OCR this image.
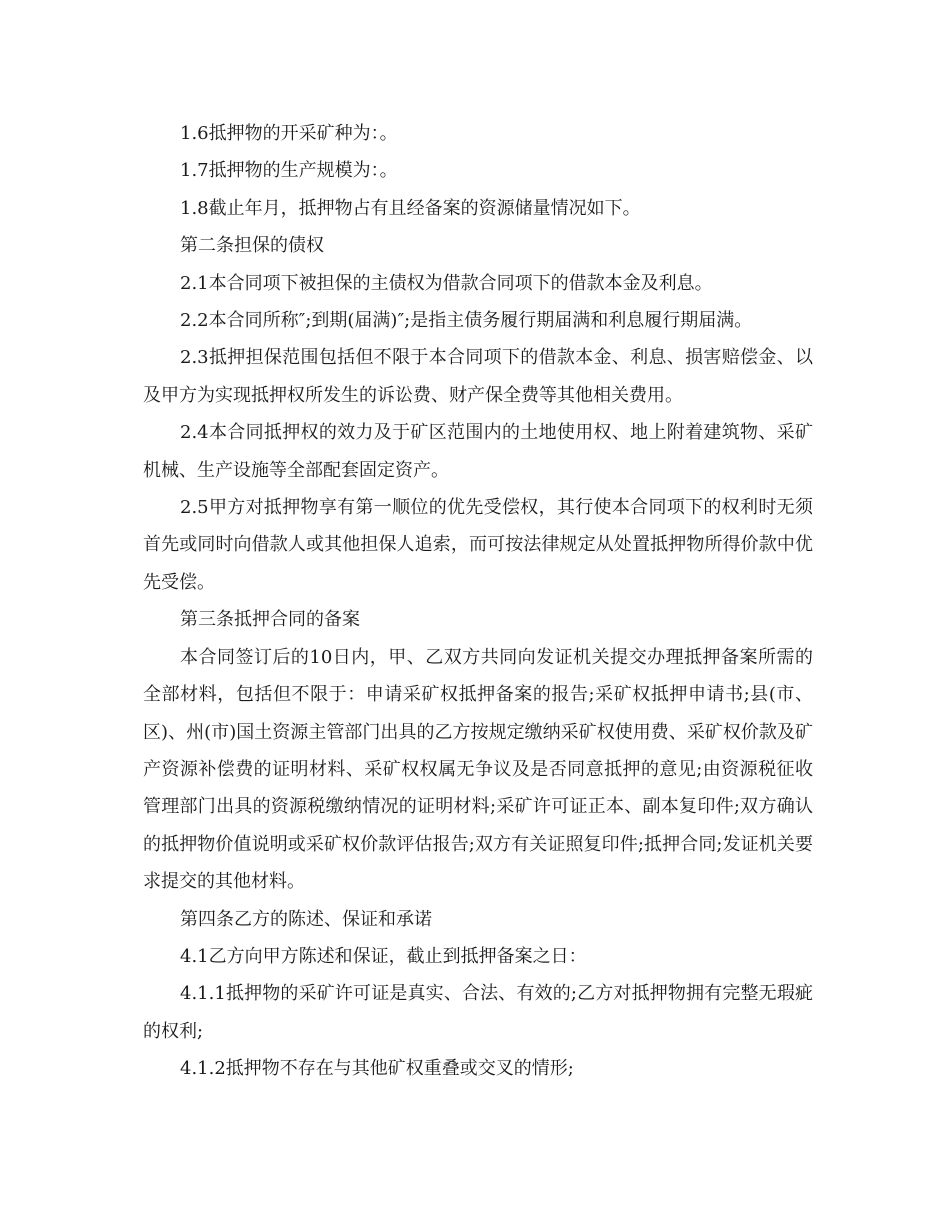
1.6抵押物的开采矿种为：。

1.7抵押物的生产规模为：。

1.8截止年月，抵押物占有且经备案的资源储量情况如下。

第二条担保的债权

2.1本合同项下被担保的主债权为借款合同项下的借款本金及利息。

2.2本合同所称″;到期(届满)″;是指主债务履行期届满和利息履行期届满。

2.3抵押担保范围包括但不限于本合同项下的借款本金、利息、损害赔偿金、以及甲方为实现抵押权所发生的诉讼费、财产保全费等其他相关费用。

2.4本合同抵押权的效力及于矿区范围内的土地使用权、地上附着建筑物、采矿机械、生产设施等全部配套固定资产。

2.5甲方对抵押物享有第一顺位的优先受偿权，其行使本合同项下的权利时无须首先或同时向借款人或其他担保人追索，而可按法律规定从处置抵押物所得价款中优先受偿。

第三条抵押合同的备案

本合同签订后的10日内，甲、乙双方共同向发证机关提交办理抵押备案所需的全部材料，包括但不限于：申请采矿权抵押备案的报告;采矿权抵押申请书;县(市、区)、州(市)国土资源主管部门出具的乙方按规定缴纳采矿权使用费、采矿权价款及矿产资源补偿费的证明材料、采矿权权属无争议及是否同意抵押的意见;由资源税征收管理部门出具的资源税缴纳情况的证明材料;采矿许可证正本、副本复印件;双方确认的抵押物价值说明或采矿权价款评估报告;双方有关证照复印件;抵押合同;发证机关要求提交的其他材料。

第四条乙方的陈述、保证和承诺

4.1乙方向甲方陈述和保证，截止到抵押备案之日：

4.1.1抵押物的采矿许可证是真实、合法、有效的;乙方对抵押物拥有完整无瑕疵的权利;

4.1.2抵押物不存在与其他矿权重叠或交叉的情形;
